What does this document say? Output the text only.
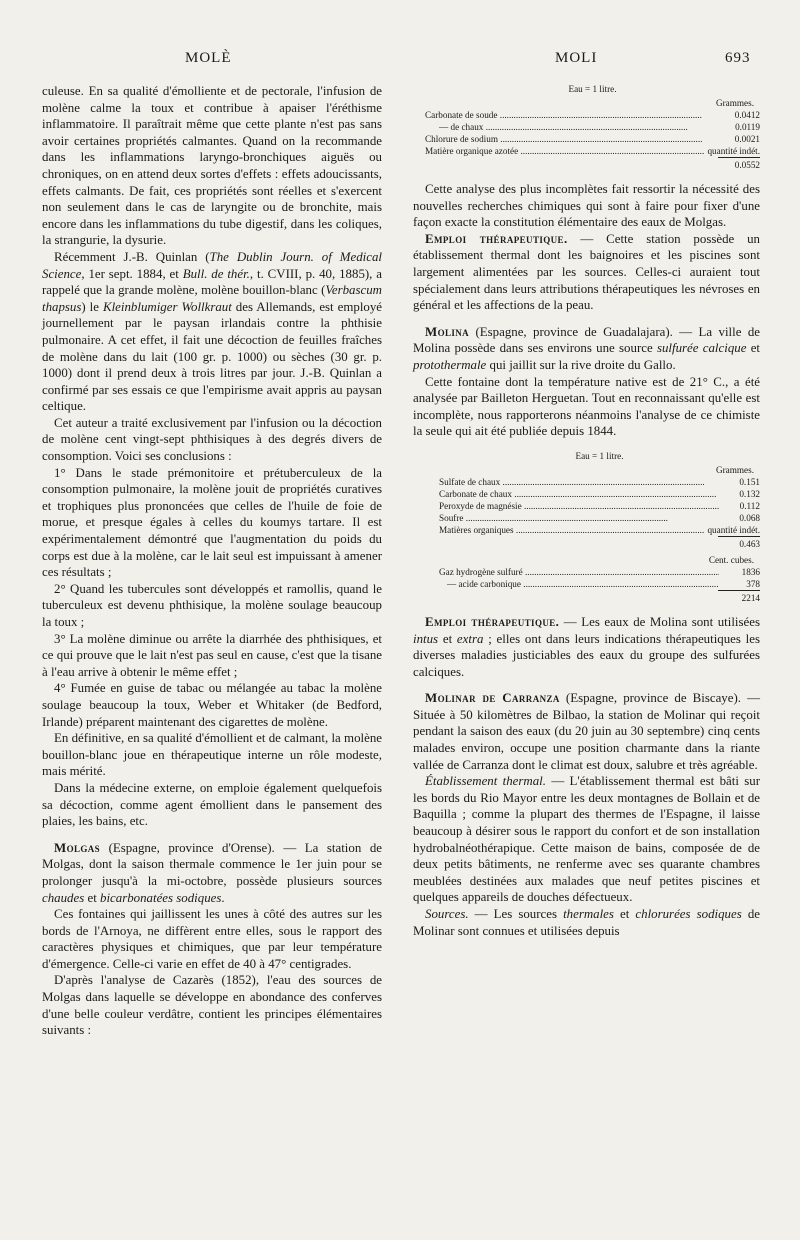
MOLÈ	MOLI	693

culeuse. En sa qualité d'émolliente et de pectorale, l'infusion de molène calme la toux et contribue à apaiser l'éréthisme inflammatoire. Il paraîtrait même que cette plante n'est pas sans avoir certaines propriétés calmantes. Quand on la recommande dans les inflammations laryngo-bronchiques aiguës ou chroniques, on en attend deux sortes d'effets : effets adoucissants, effets calmants. De fait, ces propriétés sont réelles et s'exercent non seulement dans le cas de laryngite ou de bronchite, mais encore dans les inflammations du tube digestif, dans les coliques, la strangurie, la dysurie.

Récemment J.-B. Quinlan (The Dublin Journ. of Medical Science, 1er sept. 1884, et Bull. de thér., t. CVIII, p. 40, 1885), a rappelé que la grande molène, molène bouillon-blanc (Verbascum thapsus) le Kleinblumiger Wollkraut des Allemands, est employé journellement par le paysan irlandais contre la phthisie pulmonaire. A cet effet, il fait une décoction de feuilles fraîches de molène dans du lait (100 gr. p. 1000) ou sèches (30 gr. p. 1000) dont il prend deux à trois litres par jour. J.-B. Quinlan a confirmé par ses essais ce que l'empirisme avait appris au paysan celtique.

Cet auteur a traité exclusivement par l'infusion ou la décoction de molène cent vingt-sept phthisiques à des degrés divers de consomption. Voici ses conclusions :

1° Dans le stade prémonitoire et prétuberculeux de la consomption pulmonaire, la molène jouit de propriétés curatives et trophiques plus prononcées que celles de l'huile de foie de morue, et presque égales à celles du koumys tartare. Il est expérimentalement démontré que l'augmentation du poids du corps est due à la molène, car le lait seul est impuissant à amener ces résultats ;

2° Quand les tubercules sont développés et ramollis, quand le tuberculeux est devenu phthisique, la molène soulage beaucoup la toux ;

3° La molène diminue ou arrête la diarrhée des phthisiques, et ce qui prouve que le lait n'est pas seul en cause, c'est que la tisane à l'eau arrive à obtenir le même effet ;

4° Fumée en guise de tabac ou mélangée au tabac la molène soulage beaucoup la toux, Weber et Whitaker (de Bedford, Irlande) préparent maintenant des cigarettes de molène.

En définitive, en sa qualité d'émollient et de calmant, la molène bouillon-blanc joue en thérapeutique interne un rôle modeste, mais mérité.

Dans la médecine externe, on emploie également quelquefois sa décoction, comme agent émollient dans le pansement des plaies, les bains, etc.

Molgas (Espagne, province d'Orense). — La station de Molgas, dont la saison thermale commence le 1er juin pour se prolonger jusqu'à la mi-octobre, possède plusieurs sources chaudes et bicarbonatées sodiques.

Ces fontaines qui jaillissent les unes à côté des autres sur les bords de l'Arnoya, ne diffèrent entre elles, sous le rapport des caractères physiques et chimiques, que par leur température d'émergence. Celle-ci varie en effet de 40 à 47° centigrades.

D'après l'analyse de Cazarès (1852), l'eau des sources de Molgas dans laquelle se développe en abondance des conferves d'une belle couleur verdâtre, contient les principes élémentaires suivants :

Eau = 1 litre.
Grammes.
Carbonate de soude .....	0.0412
— de chaux .....	0.0119
Chlorure de sodium .....	0.0021
Matière organique azotée .....	quantité indét.
0.0552

Cette analyse des plus incomplètes fait ressortir la nécessité des nouvelles recherches chimiques qui sont à faire pour fixer d'une façon exacte la constitution élémentaire des eaux de Molgas.

Emploi thérapeutique. — Cette station possède un établissement thermal dont les baignoires et les piscines sont largement alimentées par les sources. Celles-ci auraient tout spécialement dans leurs attributions thérapeutiques les névroses en général et les affections de la peau.

Molina (Espagne, province de Guadalajara). — La ville de Molina possède dans ses environs une source sulfurée calcique et protothermale qui jaillit sur la rive droite du Gallo.

Cette fontaine dont la température native est de 21° C., a été analysée par Bailleton Herguetan. Tout en reconnaissant qu'elle est incomplète, nous rapporterons néanmoins l'analyse de ce chimiste la seule qui ait été publiée depuis 1844.

Eau = 1 litre.
Grammes.
Sulfate de chaux .....	0.151
Carbonate de chaux .....	0.132
Peroxyde de magnésie .....	0.112
Soufre .....	0.068
Matières organiques .....	quantité indét.
0.463
Cent. cubes.
Gaz hydrogène sulfuré .....	1836
— acide carbonique .....	378
2214

Emploi thérapeutique. — Les eaux de Molina sont utilisées intus et extra ; elles ont dans leurs indications thérapeutiques les diverses maladies justiciables des eaux du groupe des sulfurées calciques.

Molinar de Carranza (Espagne, province de Biscaye). — Située à 50 kilomètres de Bilbao, la station de Molinar qui reçoit pendant la saison des eaux (du 20 juin au 30 septembre) cinq cents malades environ, occupe une position charmante dans la riante vallée de Carranza dont le climat est doux, salubre et très agréable.

Établissement thermal. — L'établissement thermal est bâti sur les bords du Rio Mayor entre les deux montagnes de Bollain et de Baquilla ; comme la plupart des thermes de l'Espagne, il laisse beaucoup à désirer sous le rapport du confort et de son installation hydrobalnéothérapique. Cette maison de bains, composée de de deux petits bâtiments, ne renferme avec ses quarante chambres meublées destinées aux malades que neuf petites piscines et quelques appareils de douches défectueux.

Sources. — Les sources thermales et chlorurées sodiques de Molinar sont connues et utilisées depuis
